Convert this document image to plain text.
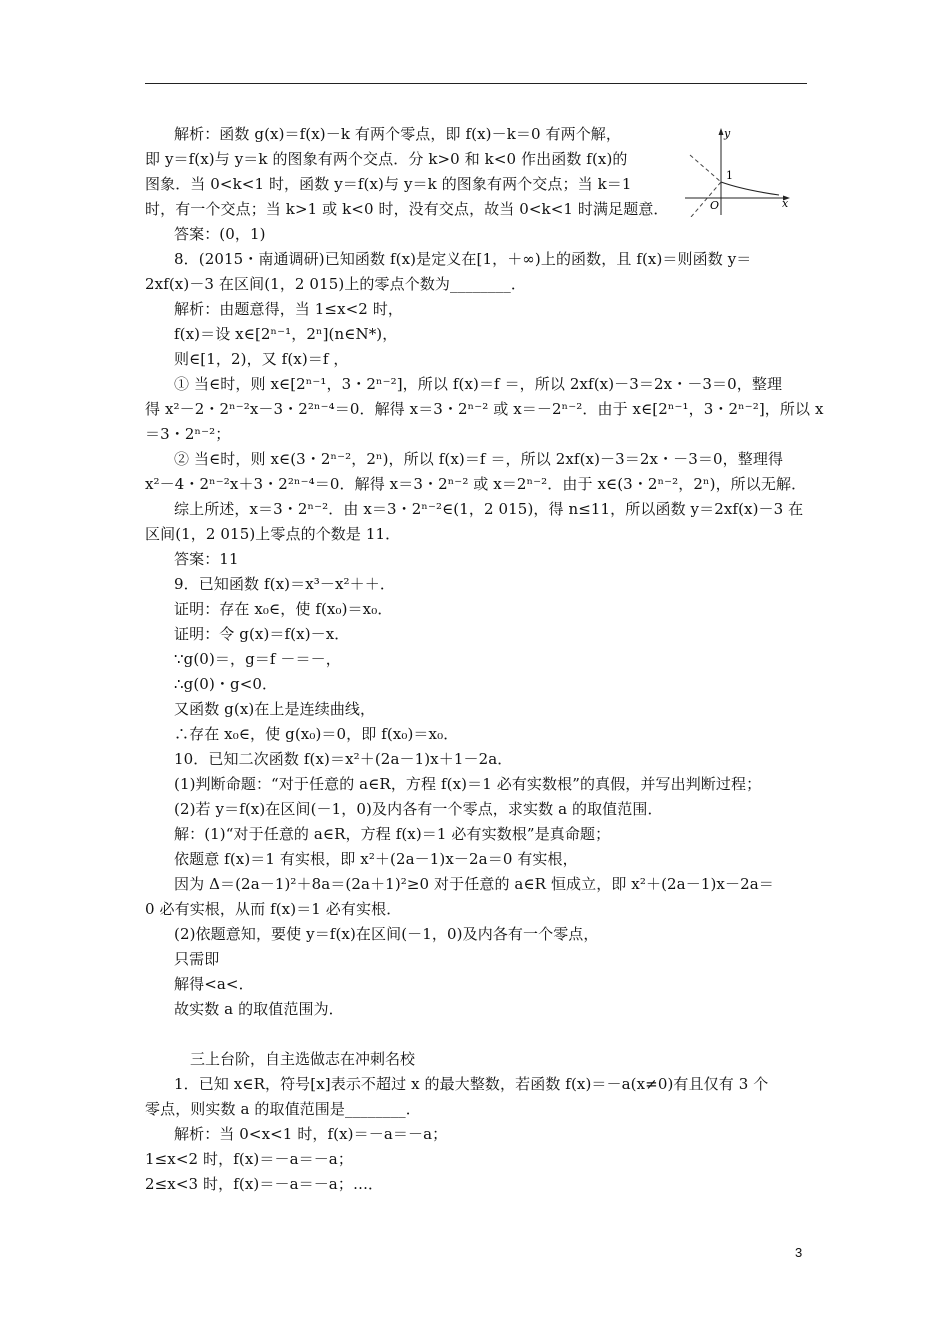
解析：函数 g(x)＝f(x)－k 有两个零点，即 f(x)－k＝0 有两个解，
即 y＝f(x)与 y＝k 的图象有两个交点．分 k>0 和 k<0 作出函数 f(x)的
图象．当 0<k<1 时，函数 y＝f(x)与 y＝k 的图象有两个交点；当 k＝1
时，有一个交点；当 k>1 或 k<0 时，没有交点，故当 0<k<1 时满足题意．
答案：(0，1)
8．(2015・南通调研)已知函数 f(x)是定义在[1，＋∞)上的函数，且 f(x)＝则函数 y＝
2xf(x)－3 在区间(1，2 015)上的零点个数为________．
解析：由题意得，当 1≤x<2 时，
f(x)＝设 x∈[2ⁿ⁻¹，2ⁿ](n∈N*)，
则∈[1，2)，又 f(x)＝f ，
① 当∈时，则 x∈[2ⁿ⁻¹，3・2ⁿ⁻²]，所以 f(x)＝f ＝，所以 2xf(x)－3＝2x・－3＝0，整理
得 x²－2・2ⁿ⁻²x－3・2²ⁿ⁻⁴＝0．解得 x＝3・2ⁿ⁻² 或 x＝－2ⁿ⁻²．由于 x∈[2ⁿ⁻¹，3・2ⁿ⁻²]，所以 x
＝3・2ⁿ⁻²；
② 当∈时，则 x∈(3・2ⁿ⁻²，2ⁿ)，所以 f(x)＝f ＝，所以 2xf(x)－3＝2x・－3＝0，整理得
x²－4・2ⁿ⁻²x＋3・2²ⁿ⁻⁴＝0．解得 x＝3・2ⁿ⁻² 或 x＝2ⁿ⁻²．由于 x∈(3・2ⁿ⁻²，2ⁿ)，所以无解．
综上所述，x＝3・2ⁿ⁻²．由 x＝3・2ⁿ⁻²∈(1，2 015)，得 n≤11，所以函数 y＝2xf(x)－3 在
区间(1，2 015)上零点的个数是 11．
答案：11
9．已知函数 f(x)＝x³－x²＋＋．
证明：存在 x₀∈，使 f(x₀)＝x₀．
证明：令 g(x)＝f(x)－x．
∵g(0)＝，g＝f －＝－，
∴g(0)・g<0．
又函数 g(x)在上是连续曲线，
∴存在 x₀∈，使 g(x₀)＝0，即 f(x₀)＝x₀．
10．已知二次函数 f(x)＝x²＋(2a－1)x＋1－2a．
(1)判断命题：“对于任意的 a∈R，方程 f(x)＝1 必有实数根”的真假，并写出判断过程；
(2)若 y＝f(x)在区间(－1，0)及内各有一个零点，求实数 a 的取值范围．
解：(1)“对于任意的 a∈R，方程 f(x)＝1 必有实数根”是真命题；
依题意 f(x)＝1 有实根，即 x²＋(2a－1)x－2a＝0 有实根，
因为 Δ＝(2a－1)²＋8a＝(2a＋1)²≥0 对于任意的 a∈R 恒成立，即 x²＋(2a－1)x－2a＝
0 必有实根，从而 f(x)＝1 必有实根．
(2)依题意知，要使 y＝f(x)在区间(－1，0)及内各有一个零点，
只需即
解得<a<．
故实数 a 的取值范围为．
三上台阶，自主选做志在冲刺名校
1．已知 x∈R，符号[x]表示不超过 x 的最大整数，若函数 f(x)＝－a(x≠0)有且仅有 3 个
零点，则实数 a 的取值范围是________．
解析：当 0<x<1 时，f(x)＝－a＝－a；
1≤x<2 时，f(x)＝－a＝－a；
2≤x<3 时，f(x)＝－a＝－a；…．
y
x
O
1
3
